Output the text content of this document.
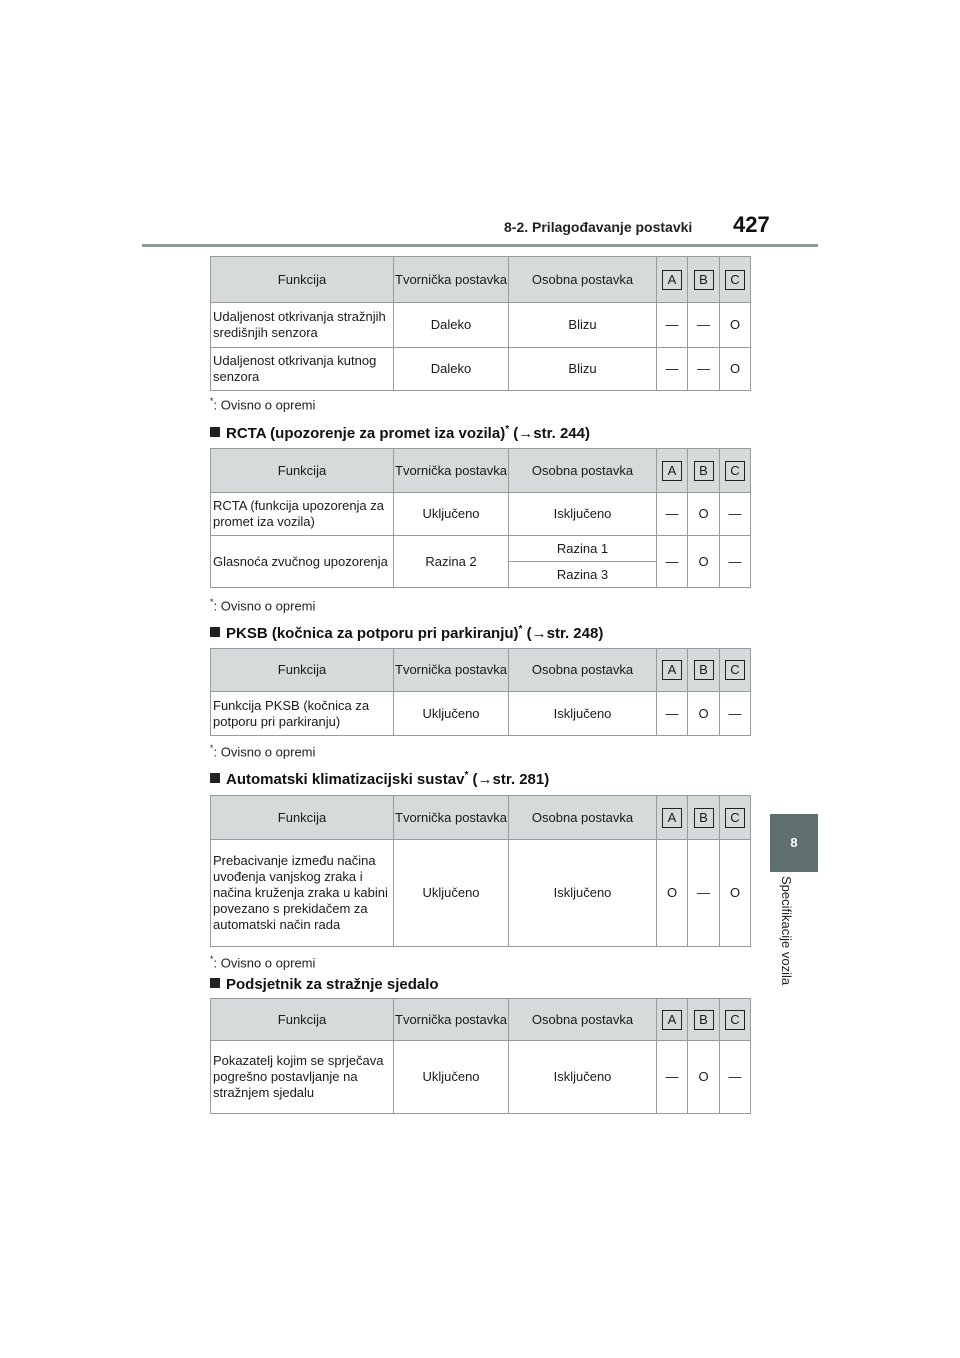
8-2. Prilagođavanje postavki 427
8
Specifikacije vozila
Funkcija	Tvornička postavka	Osobna postavka	A	B	C
Udaljenost otkrivanja stražnjih središnjih senzora	Daleko	Blizu	—	—	O
Udaljenost otkrivanja kutnog senzora	Daleko	Blizu	—	—	O
*: Ovisno o opremi
RCTA (upozorenje za promet iza vozila)* (→str. 244)
Funkcija	Tvornička postavka	Osobna postavka	A	B	C
RCTA (funkcija upozorenja za promet iza vozila)	Uključeno	Isključeno	—	O	—
Glasnoća zvučnog upozorenja	Razina 2	Razina 1	—	O	—
		Razina 3			
*: Ovisno o opremi
PKSB (kočnica za potporu pri parkiranju)* (→str. 248)
Funkcija	Tvornička postavka	Osobna postavka	A	B	C
Funkcija PKSB (kočnica za potporu pri parkiranju)	Uključeno	Isključeno	—	O	—
*: Ovisno o opremi
Automatski klimatizacijski sustav* (→str. 281)
Funkcija	Tvornička postavka	Osobna postavka	A	B	C
Prebacivanje između načina uvođenja vanjskog zraka i načina kruženja zraka u kabini povezano s prekidačem za automatski način rada	Uključeno	Isključeno	O	—	O
*: Ovisno o opremi
Podsjetnik za stražnje sjedalo
Funkcija	Tvornička postavka	Osobna postavka	A	B	C
Pokazatelj kojim se sprječava pogrešno postavljanje na stražnjem sjedalu	Uključeno	Isključeno	—	O	—
